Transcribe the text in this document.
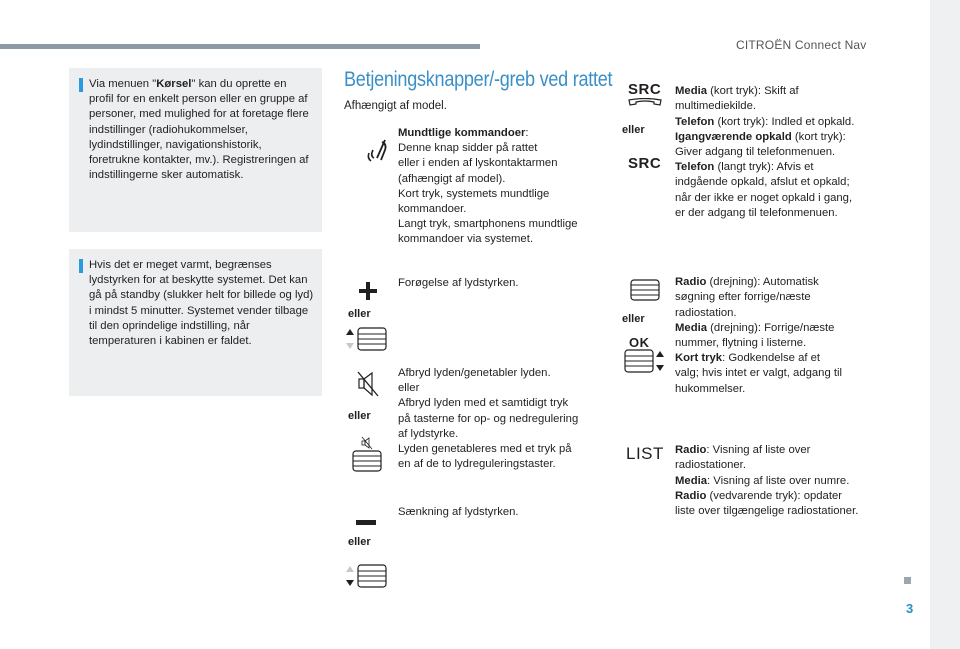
CITROËN Connect Nav
3
Via menuen "Kørsel" kan du oprette en profil for en enkelt person eller en gruppe af personer, med mulighed for at foretage flere indstillinger (radiohukommelser, lydindstillinger, navigationshistorik, foretrukne kontakter, mv.). Registreringen af indstillingerne sker automatisk.
Hvis det er meget varmt, begrænses lydstyrken for at beskytte systemet. Det kan gå på standby (slukker helt for billede og lyd) i mindst 5 minutter. Systemet vender tilbage til den oprindelige indstilling, når temperaturen i kabinen er faldet.
Betjeningsknapper/-greb ved rattet
Afhængigt af model.
eller
eller
eller
Mundtlige kommandoer:
Denne knap sidder på rattet
eller i enden af lyskontaktarmen
(afhængigt af model).
Kort tryk, systemets mundtlige
kommandoer.
Langt tryk, smartphonens mundtlige
kommandoer via systemet.
Forøgelse af lydstyrken.
Afbryd lyden/genetabler lyden.
eller
Afbryd lyden med et samtidigt tryk
på tasterne for op- og nedregulering
af lydstyrke.
Lyden genetableres med et tryk på
en af de to lydreguleringstaster.
Sænkning af lydstyrken.
SRC
eller
SRC
eller
OK
LIST

Media (kort tryk): Skift af
multimediekilde.
Telefon (kort tryk): Indled et opkald.
Igangværende opkald (kort tryk):
Giver adgang til telefonmenuen.
Telefon (langt tryk): Afvis et
indgående opkald, afslut et opkald;
når der ikke er noget opkald i gang,
er der adgang til telefonmenuen.

Radio (drejning): Automatisk
søgning efter forrige/næste
radiostation.
Media (drejning): Forrige/næste
nummer, flytning i listerne.
Kort tryk: Godkendelse af et
valg; hvis intet er valgt, adgang til
hukommelser.

Radio: Visning af liste over
radiostationer.
Media: Visning af liste over numre.
Radio (vedvarende tryk): opdater
liste over tilgængelige radiostationer.
